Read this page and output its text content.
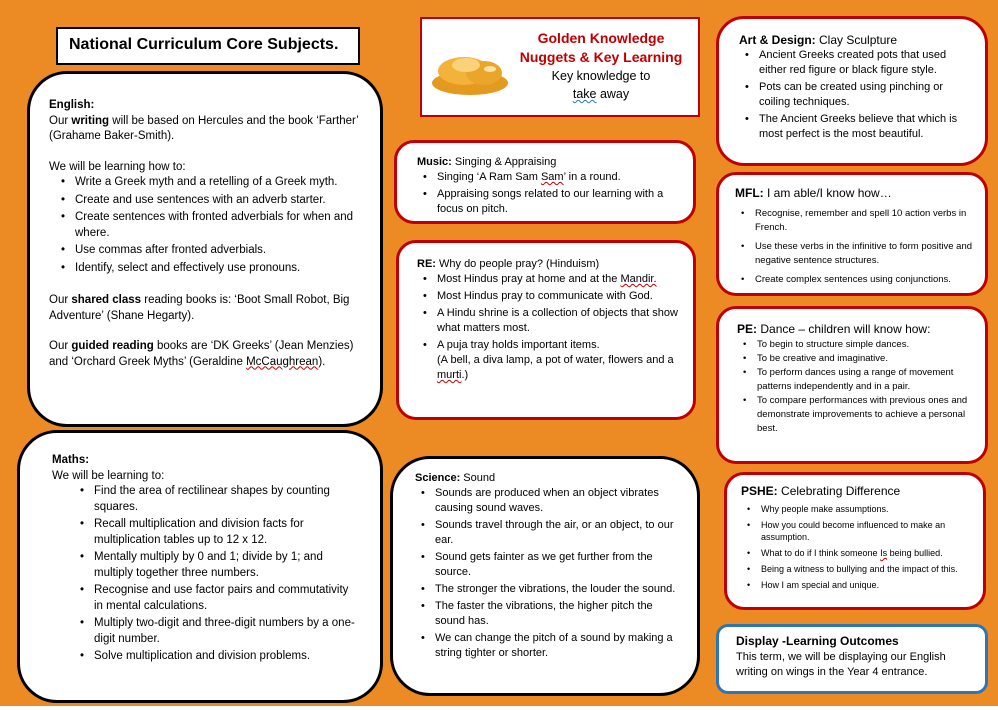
National Curriculum Core Subjects.	Golden Knowledge
Nuggets & Key Learning
Key knowledge to
take away

English:

Our writing will be based on Hercules and the book ‘Farther’ (Grahame Baker-Smith).

We will be learning how to:

• Write a Greek myth and a retelling of a Greek myth.
• Create and use sentences with an adverb starter.
• Create sentences with fronted adverbials for when and where.
• Use commas after fronted adverbials.
• Identify, select and effectively use pronouns.

Our shared class reading books is: ‘Boot Small Robot, Big Adventure’ (Shane Hegarty).

Our guided reading books are ‘DK Greeks’ (Jean Menzies) and ‘Orchard Greek Myths’ (Geraldine McCaughrean).

Maths:

We will be learning to:

• Find the area of rectilinear shapes by counting squares.
• Recall multiplication and division facts for multiplication tables up to 12 x 12.
• Mentally multiply by 0 and 1; divide by 1; and multiply together three numbers.
• Recognise and use factor pairs and commutativity in mental calculations.
• Multiply two-digit and three-digit numbers by a one-digit number.
• Solve multiplication and division problems.

Music: Singing & Appraising

• Singing ‘A Ram Sam Sam’ in a round.
• Appraising songs related to our learning with a focus on pitch.

RE: Why do people pray? (Hinduism)

• Most Hindus pray at home and at the Mandir.
• Most Hindus pray to communicate with God.
• A Hindu shrine is a collection of objects that show what matters most.
• A puja tray holds important items.
(A bell, a diva lamp, a pot of water, flowers and a murti.)

Science: Sound

• Sounds are produced when an object vibrates causing sound waves.
• Sounds travel through the air, or an object, to our ear.
• Sound gets fainter as we get further from the source.
• The stronger the vibrations, the louder the sound.
• The faster the vibrations, the higher pitch the sound has.
• We can change the pitch of a sound by making a string tighter or shorter.

Art & Design: Clay Sculpture

• Ancient Greeks created pots that used either red figure or black figure style.
• Pots can be created using pinching or coiling techniques.
• The Ancient Greeks believe that which is most perfect is the most beautiful.

MFL: I am able/I know how…

• Recognise, remember and spell 10 action verbs in French.
• Use these verbs in the infinitive to form positive and negative sentence structures.
• Create complex sentences using conjunctions.

PE: Dance – children will know how:

• To begin to structure simple dances.
• To be creative and imaginative.
• To perform dances using a range of movement patterns independently and in a pair.
• To compare performances with previous ones and demonstrate improvements to achieve a personal best.

PSHE: Celebrating Difference

• Why people make assumptions.
• How you could become influenced to make an assumption.
• What to do if I think someone Is being bullied.
• Being a witness to bullying and the impact of this.
• How I am special and unique.

Display -Learning Outcomes

This term, we will be displaying our English writing on wings in the Year 4 entrance.
